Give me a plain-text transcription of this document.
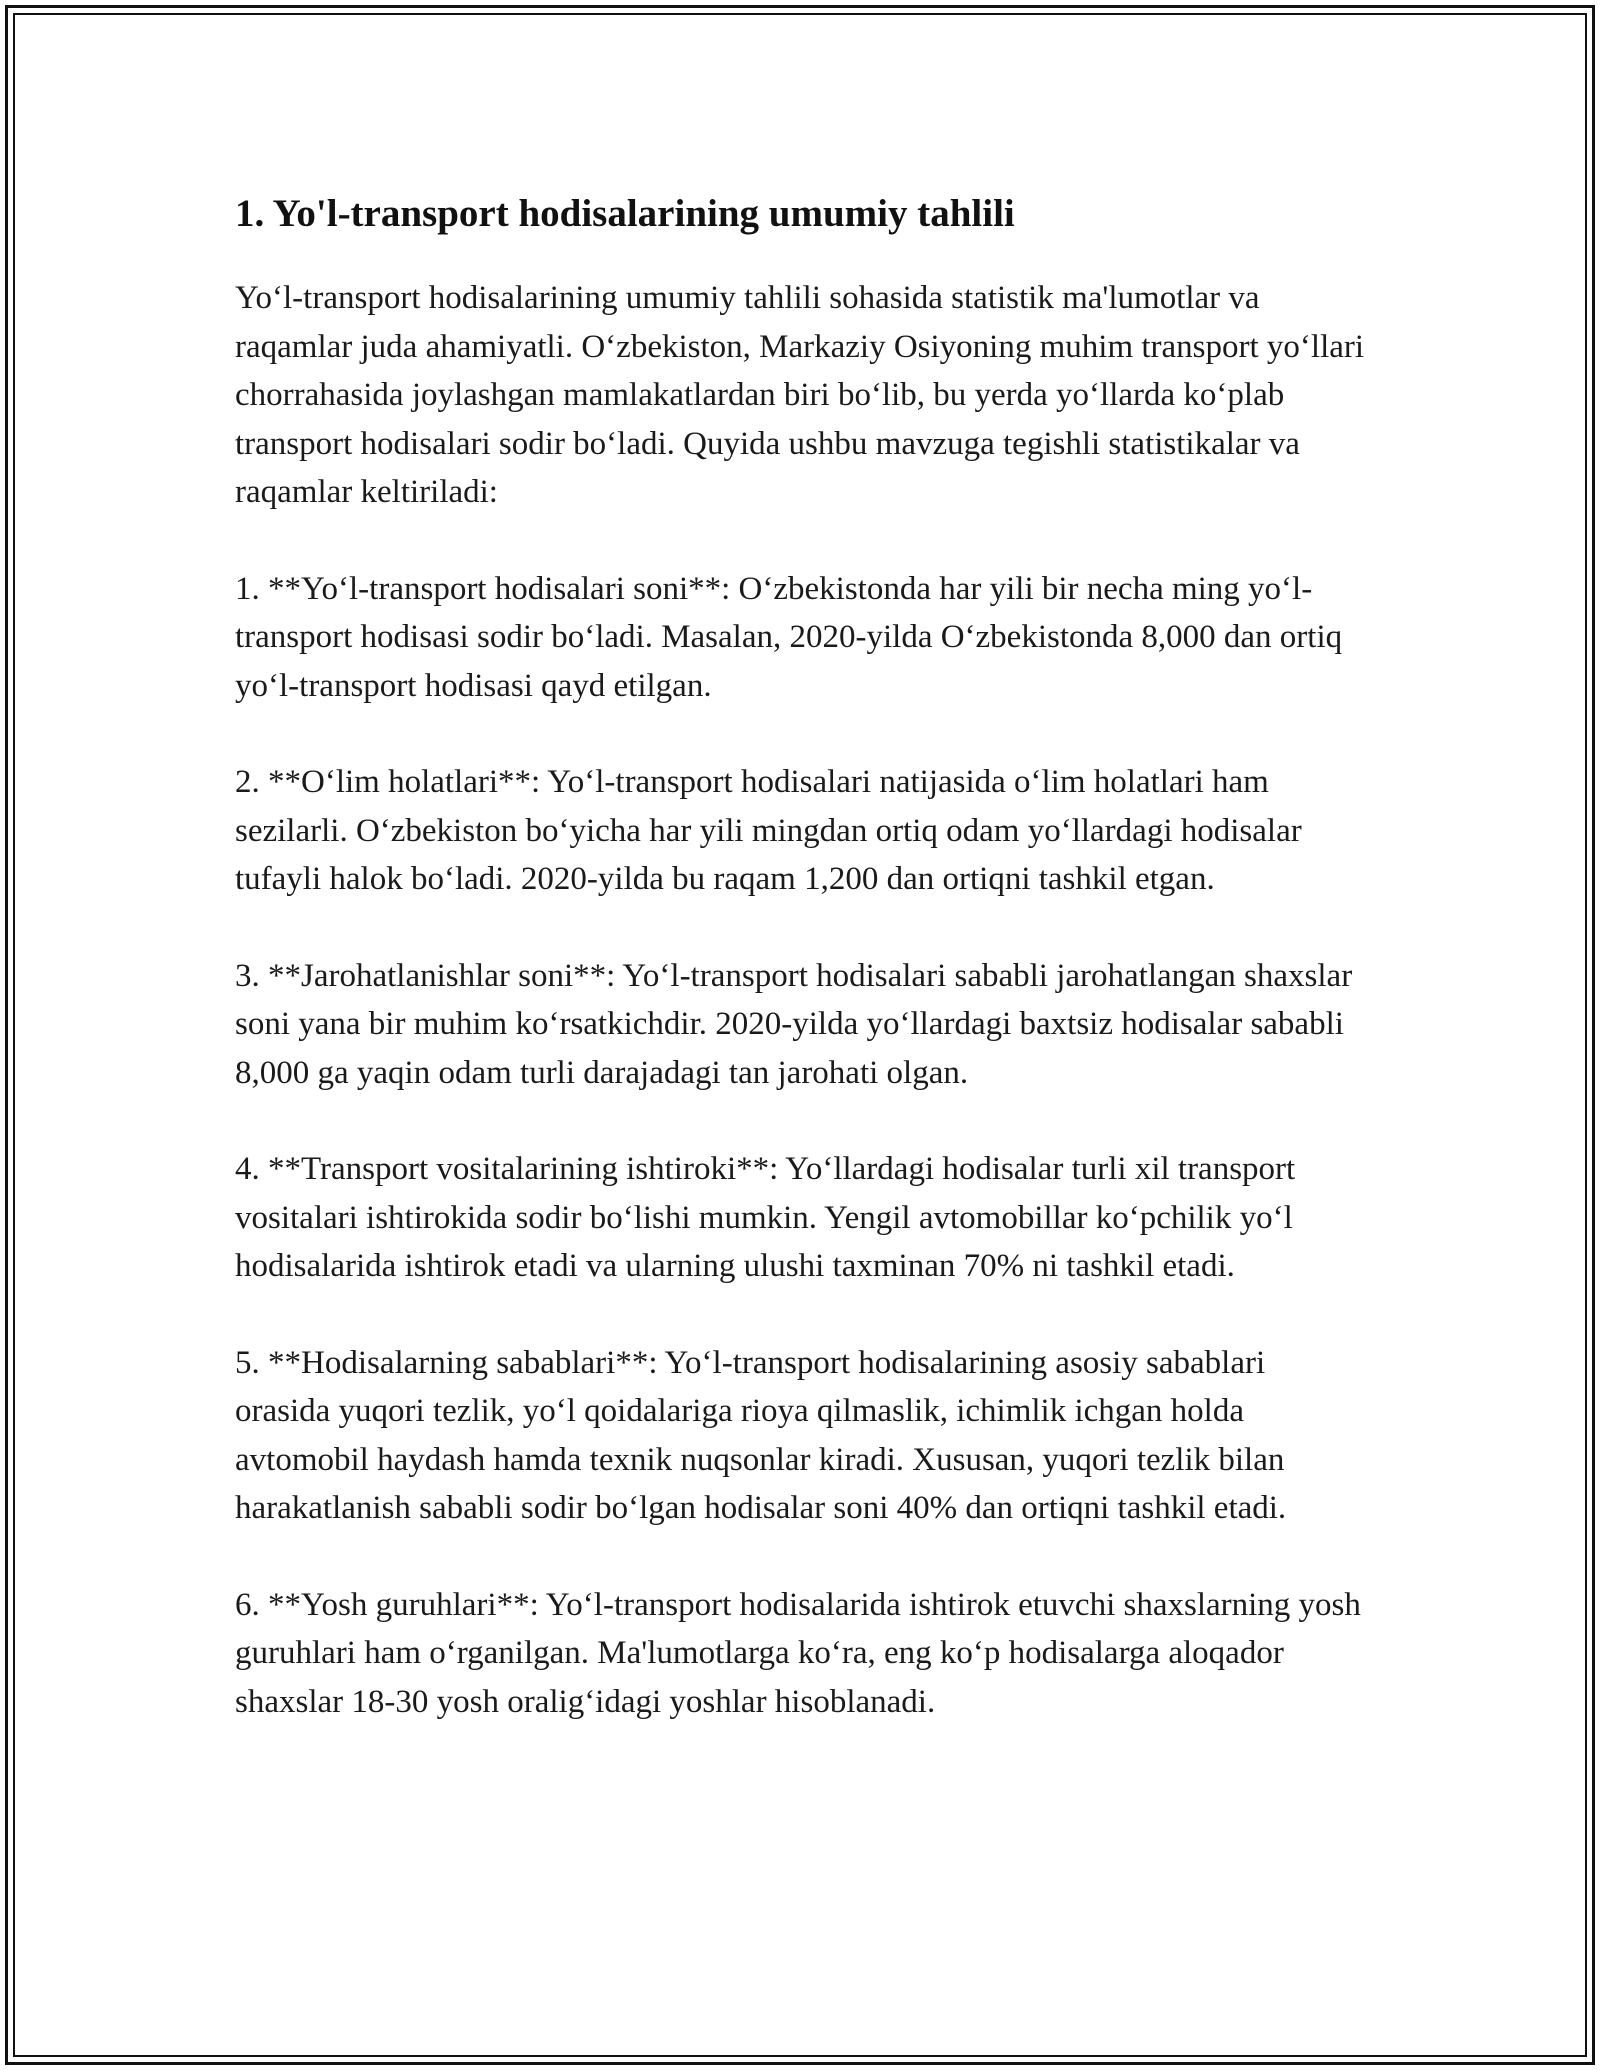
1. Yo'l-transport hodisalarining umumiy tahlili

Yo‘l-transport hodisalarining umumiy tahlili sohasida statistik ma'lumotlar va raqamlar juda ahamiyatli. O‘zbekiston, Markaziy Osiyoning muhim transport yo‘llari chorrahasida joylashgan mamlakatlardan biri bo‘lib, bu yerda yo‘llarda ko‘plab transport hodisalari sodir bo‘ladi. Quyida ushbu mavzuga tegishli statistikalar va raqamlar keltiriladi:

1. **Yo‘l-transport hodisalari soni**: O‘zbekistonda har yili bir necha ming yo‘l-transport hodisasi sodir bo‘ladi. Masalan, 2020-yilda O‘zbekistonda 8,000 dan ortiq yo‘l-transport hodisasi qayd etilgan.

2. **O‘lim holatlari**: Yo‘l-transport hodisalari natijasida o‘lim holatlari ham sezilarli. O‘zbekiston bo‘yicha har yili mingdan ortiq odam yo‘llardagi hodisalar tufayli halok bo‘ladi. 2020-yilda bu raqam 1,200 dan ortiqni tashkil etgan.

3. **Jarohatlanishlar soni**: Yo‘l-transport hodisalari sababli jarohatlangan shaxslar soni yana bir muhim ko‘rsatkichdir. 2020-yilda yo‘llardagi baxtsiz hodisalar sababli 8,000 ga yaqin odam turli darajadagi tan jarohati olgan.

4. **Transport vositalarining ishtiroki**: Yo‘llardagi hodisalar turli xil transport vositalari ishtirokida sodir bo‘lishi mumkin. Yengil avtomobillar ko‘pchilik yo‘l hodisalarida ishtirok etadi va ularning ulushi taxminan 70% ni tashkil etadi.

5. **Hodisalarning sabablari**: Yo‘l-transport hodisalarining asosiy sabablari orasida yuqori tezlik, yo‘l qoidalariga rioya qilmaslik, ichimlik ichgan holda avtomobil haydash hamda texnik nuqsonlar kiradi. Xususan, yuqori tezlik bilan harakatlanish sababli sodir bo‘lgan hodisalar soni 40% dan ortiqni tashkil etadi.

6. **Yosh guruhlari**: Yo‘l-transport hodisalarida ishtirok etuvchi shaxslarning yosh guruhlari ham o‘rganilgan. Ma'lumotlarga ko‘ra, eng ko‘p hodisalarga aloqador shaxslar 18-30 yosh oralig‘idagi yoshlar hisoblanadi.
